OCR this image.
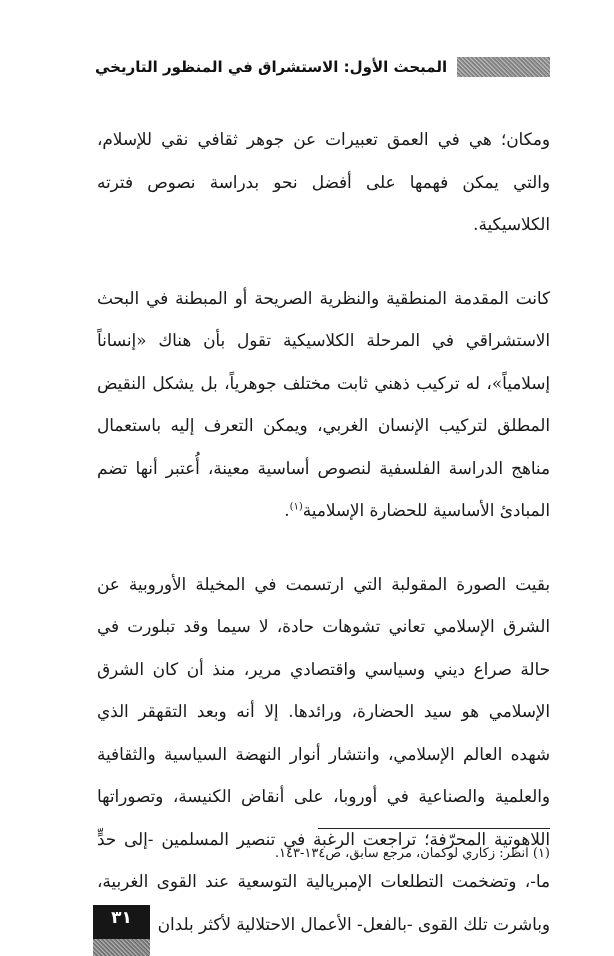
المبحث الأول: الاستشراق في المنظور التاريخي

ومكان؛ هي في العمق تعبيرات عن جوهر ثقافي نقي للإسلام، والتي يمكن فهمها على أفضل نحو بدراسة نصوص فترته الكلاسيكية.

كانت المقدمة المنطقية والنظرية الصريحة أو المبطنة في البحث الاستشراقي في المرحلة الكلاسيكية تقول بأن هناك «إنساناً إسلامياً»، له تركيب ذهني ثابت مختلف جوهرياً، بل يشكل النقيض المطلق لتركيب الإنسان الغربي، ويمكن التعرف إليه باستعمال مناهج الدراسة الفلسفية لنصوص أساسية معينة، أُعتبر أنها تضم المبادئ الأساسية للحضارة الإسلامية$^{(١)}$.

بقيت الصورة المقولبة التي ارتسمت في المخيلة الأوروبية عن الشرق الإسلامي تعاني تشوهات حادة، لا سيما وقد تبلورت في حالة صراع ديني وسياسي واقتصادي مرير، منذ أن كان الشرق الإسلامي هو سيد الحضارة، ورائدها. إلا أنه وبعد التقهقر الذي شهده العالم الإسلامي، وانتشار أنوار النهضة السياسية والثقافية والعلمية والصناعية في أوروبا، على أنقاض الكنيسة، وتصوراتها اللاهوتية المحرّفة؛ تراجعت الرغبة في تنصير المسلمين -إلى حدٍّ ما-، وتضخمت التطلعات الإمبريالية التوسعية عند القوى الغربية، وباشرت تلك القوى -بالفعل- الأعمال الاحتلالية لأكثر بلدان

(١) انظر: زكاري لوكمان، مرجع سابق، ص١٣٤-١٤٣.
٣١
